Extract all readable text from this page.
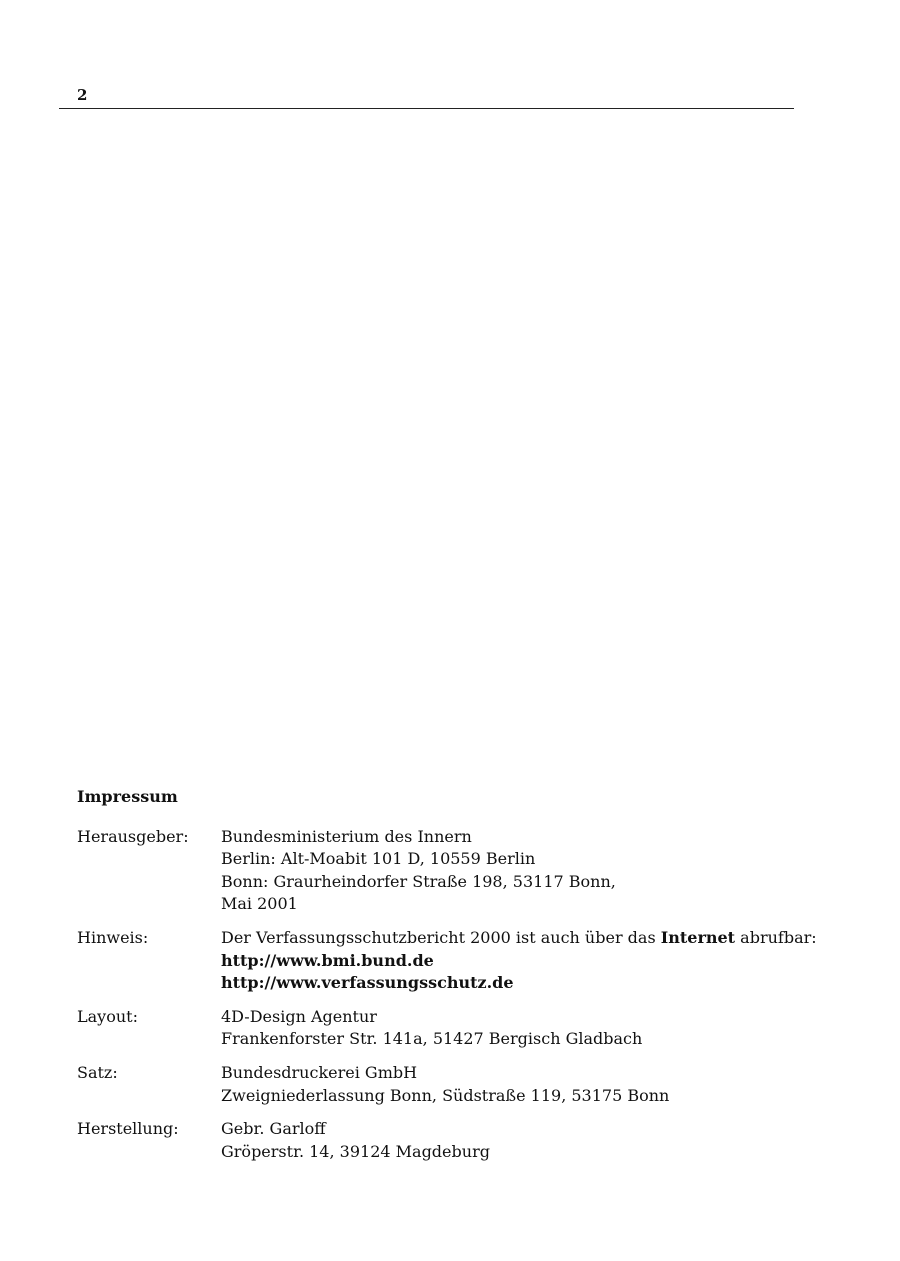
2
Impressum
Herausgeber:	Bundesministerium des Innern
Berlin: Alt-Moabit 101 D, 10559 Berlin
Bonn: Graurheindorfer Straße 198, 53117 Bonn,
Mai 2001
Hinweis:	Der Verfassungsschutzbericht 2000 ist auch über das Internet abrufbar:
http://www.bmi.bund.de
http://www.verfassungsschutz.de
Layout:	4D-Design Agentur
Frankenforster Str. 141a, 51427 Bergisch Gladbach
Satz:	Bundesdruckerei GmbH
Zweigniederlassung Bonn, Südstraße 119, 53175 Bonn
Herstellung:	Gebr. Garloff
Gröperstr. 14, 39124 Magdeburg
